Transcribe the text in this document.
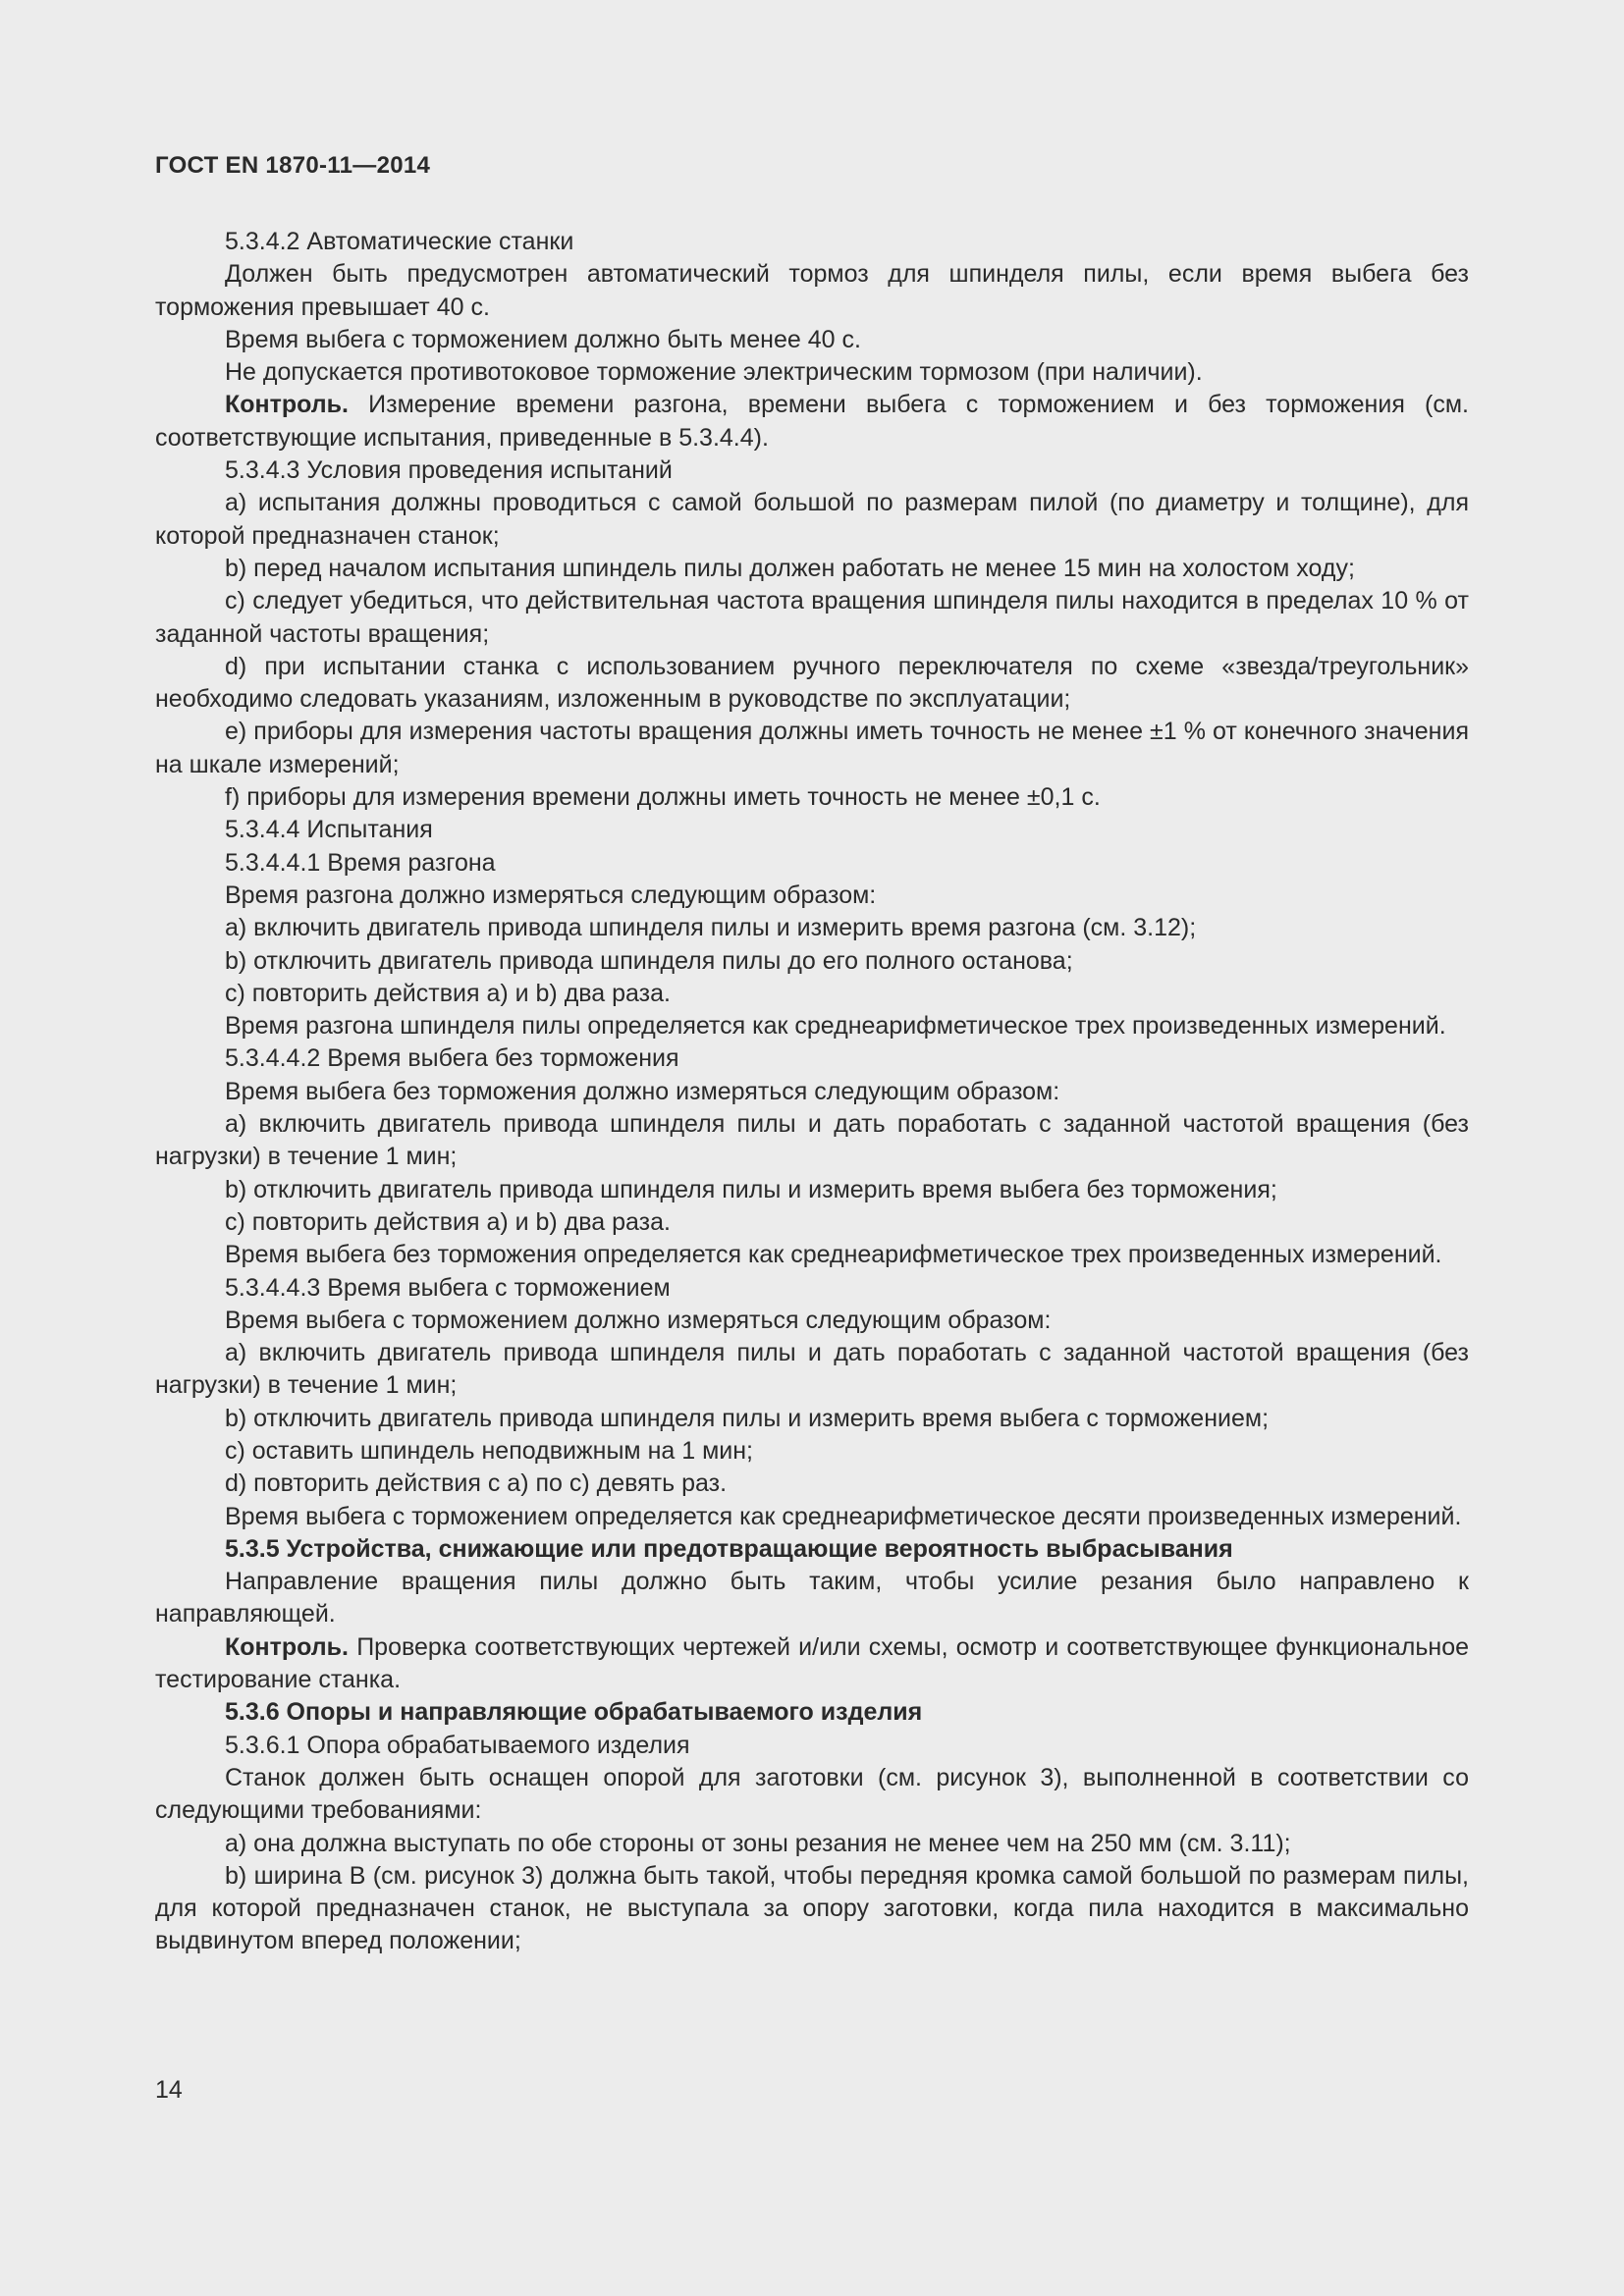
ГОСТ EN 1870-11—2014

5.3.4.2 Автоматические станки

Должен быть предусмотрен автоматический тормоз для шпинделя пилы, если время выбега без торможения превышает 40 с.

Время выбега с торможением должно быть менее 40 с.

Не допускается противотоковое торможение электрическим тормозом (при наличии).

Контроль. Измерение времени разгона, времени выбега с торможением и без торможения (см. соответствующие испытания, приведенные в 5.3.4.4).

5.3.4.3 Условия проведения испытаний

a) испытания должны проводиться с самой большой по размерам пилой (по диаметру и толщине), для которой предназначен станок;

b) перед началом испытания шпиндель пилы должен работать не менее 15 мин на холостом ходу;

c) следует убедиться, что действительная частота вращения шпинделя пилы находится в пределах 10 % от заданной частоты вращения;

d) при испытании станка с использованием ручного переключателя по схеме «звезда/треугольник» необходимо следовать указаниям, изложенным в руководстве по эксплуатации;

e) приборы для измерения частоты вращения должны иметь точность не менее ±1 % от конечного значения на шкале измерений;

f) приборы для измерения времени должны иметь точность не менее ±0,1 с.

5.3.4.4 Испытания

5.3.4.4.1 Время разгона

Время разгона должно измеряться следующим образом:

a) включить двигатель привода шпинделя пилы и измерить время разгона (см. 3.12);

b) отключить двигатель привода шпинделя пилы до его полного останова;

c) повторить действия a) и b) два раза.

Время разгона шпинделя пилы определяется как среднеарифметическое трех произведенных измерений.

5.3.4.4.2 Время выбега без торможения

Время выбега без торможения должно измеряться следующим образом:

a) включить двигатель привода шпинделя пилы и дать поработать с заданной частотой вращения (без нагрузки) в течение 1 мин;

b) отключить двигатель привода шпинделя пилы и измерить время выбега без торможения;

c) повторить действия a) и b) два раза.

Время выбега без торможения определяется как среднеарифметическое трех произведенных измерений.

5.3.4.4.3 Время выбега с торможением

Время выбега с торможением должно измеряться следующим образом:

a) включить двигатель привода шпинделя пилы и дать поработать с заданной частотой вращения (без нагрузки) в течение 1 мин;

b) отключить двигатель привода шпинделя пилы и измерить время выбега с торможением;

c) оставить шпиндель неподвижным на 1 мин;

d) повторить действия с a) по c) девять раз.

Время выбега с торможением определяется как среднеарифметическое десяти произведенных измерений.

5.3.5 Устройства, снижающие или предотвращающие вероятность выбрасывания

Направление вращения пилы должно быть таким, чтобы усилие резания было направлено к направляющей.

Контроль. Проверка соответствующих чертежей и/или схемы, осмотр и соответствующее функциональное тестирование станка.

5.3.6 Опоры и направляющие обрабатываемого изделия

5.3.6.1 Опора обрабатываемого изделия

Станок должен быть оснащен опорой для заготовки (см. рисунок 3), выполненной в соответствии со следующими требованиями:

a) она должна выступать по обе стороны от зоны резания не менее чем на 250 мм (см. 3.11);

b) ширина B (см. рисунок 3) должна быть такой, чтобы передняя кромка самой большой по размерам пилы, для которой предназначен станок, не выступала за опору заготовки, когда пила находится в максимально выдвинутом вперед положении;

14
